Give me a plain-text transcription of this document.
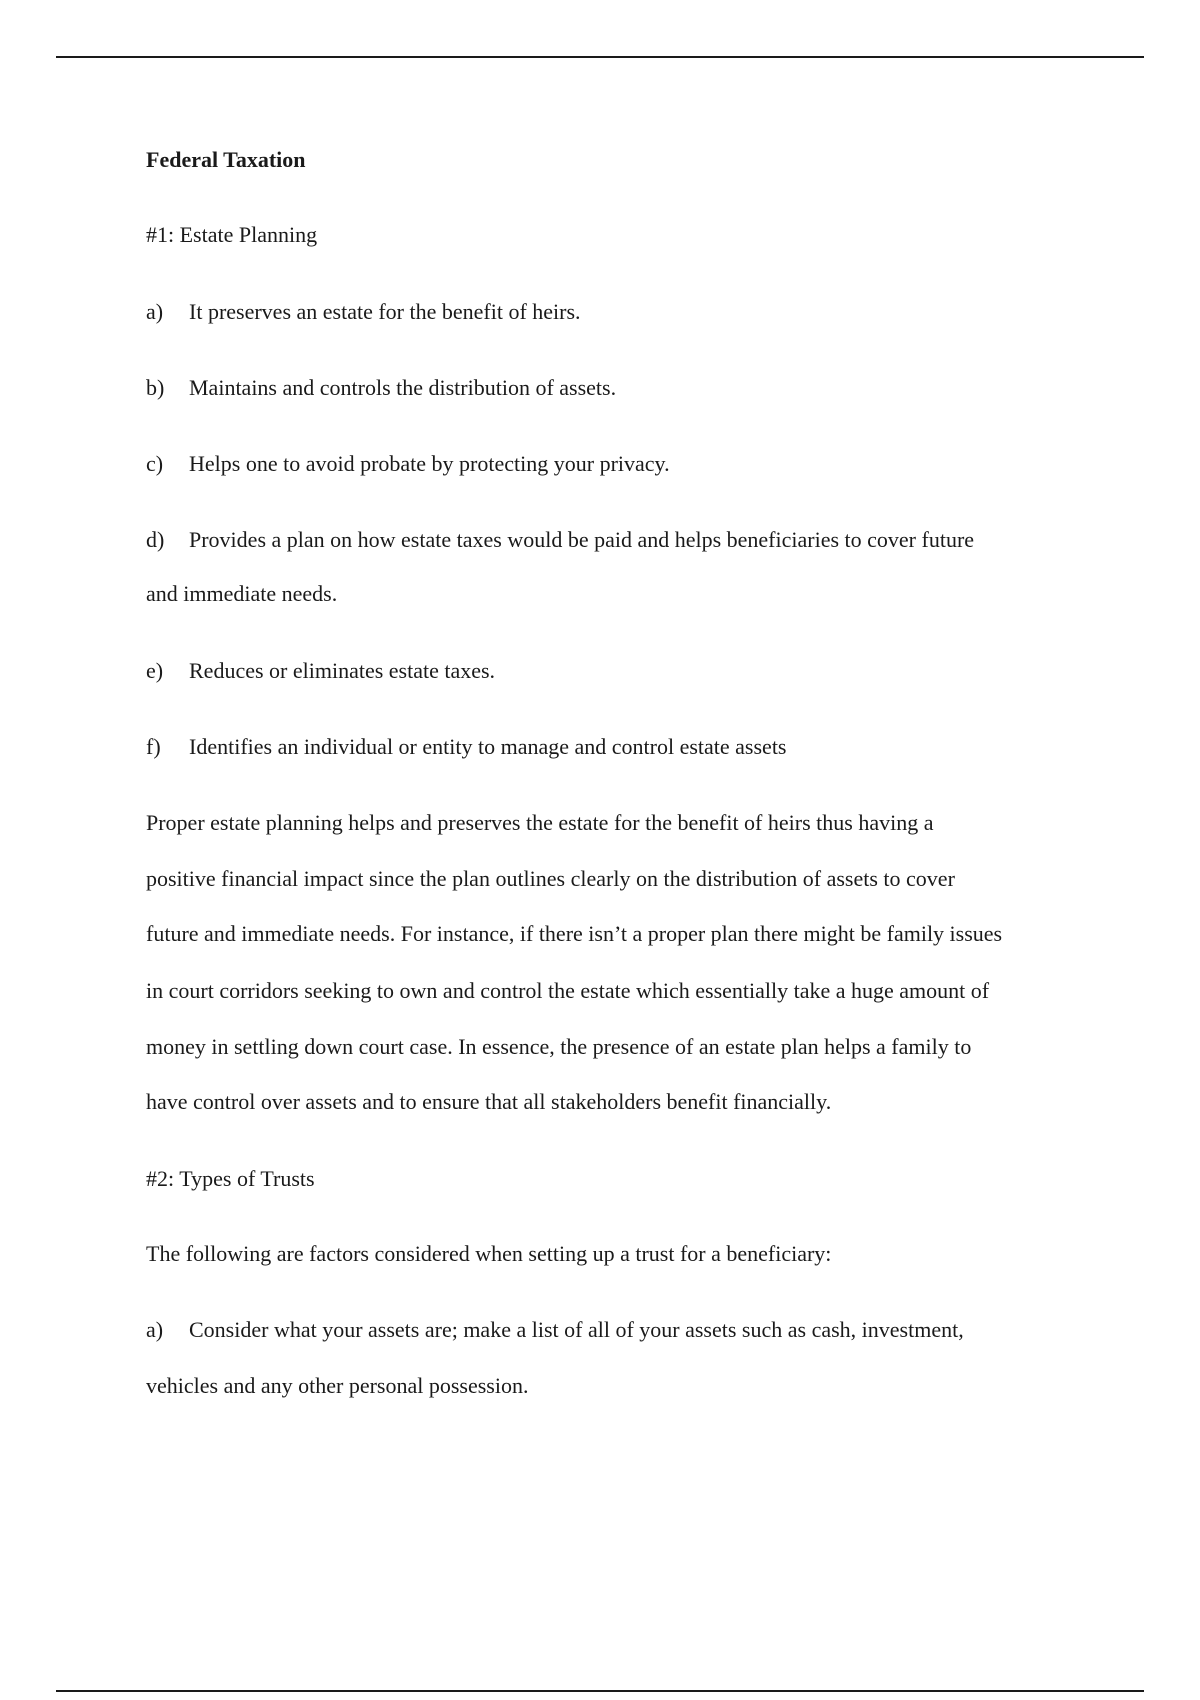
Federal Taxation
#1: Estate Planning
a) It preserves an estate for the benefit of heirs.
b) Maintains and controls the distribution of assets.
c) Helps one to avoid probate by protecting your privacy.
d) Provides a plan on how estate taxes would be paid and helps beneficiaries to cover future
and immediate needs.
e) Reduces or eliminates estate taxes.
f) Identifies an individual or entity to manage and control estate assets
Proper estate planning helps and preserves the estate for the benefit of heirs thus having a
positive financial impact since the plan outlines clearly on the distribution of assets to cover
future and immediate needs. For instance, if there isn’t a proper plan there might be family issues
in court corridors seeking to own and control the estate which essentially take a huge amount of
money in settling down court case. In essence, the presence of an estate plan helps a family to
have control over assets and to ensure that all stakeholders benefit financially.
#2: Types of Trusts
The following are factors considered when setting up a trust for a beneficiary:
a) Consider what your assets are; make a list of all of your assets such as cash, investment,
vehicles and any other personal possession.
